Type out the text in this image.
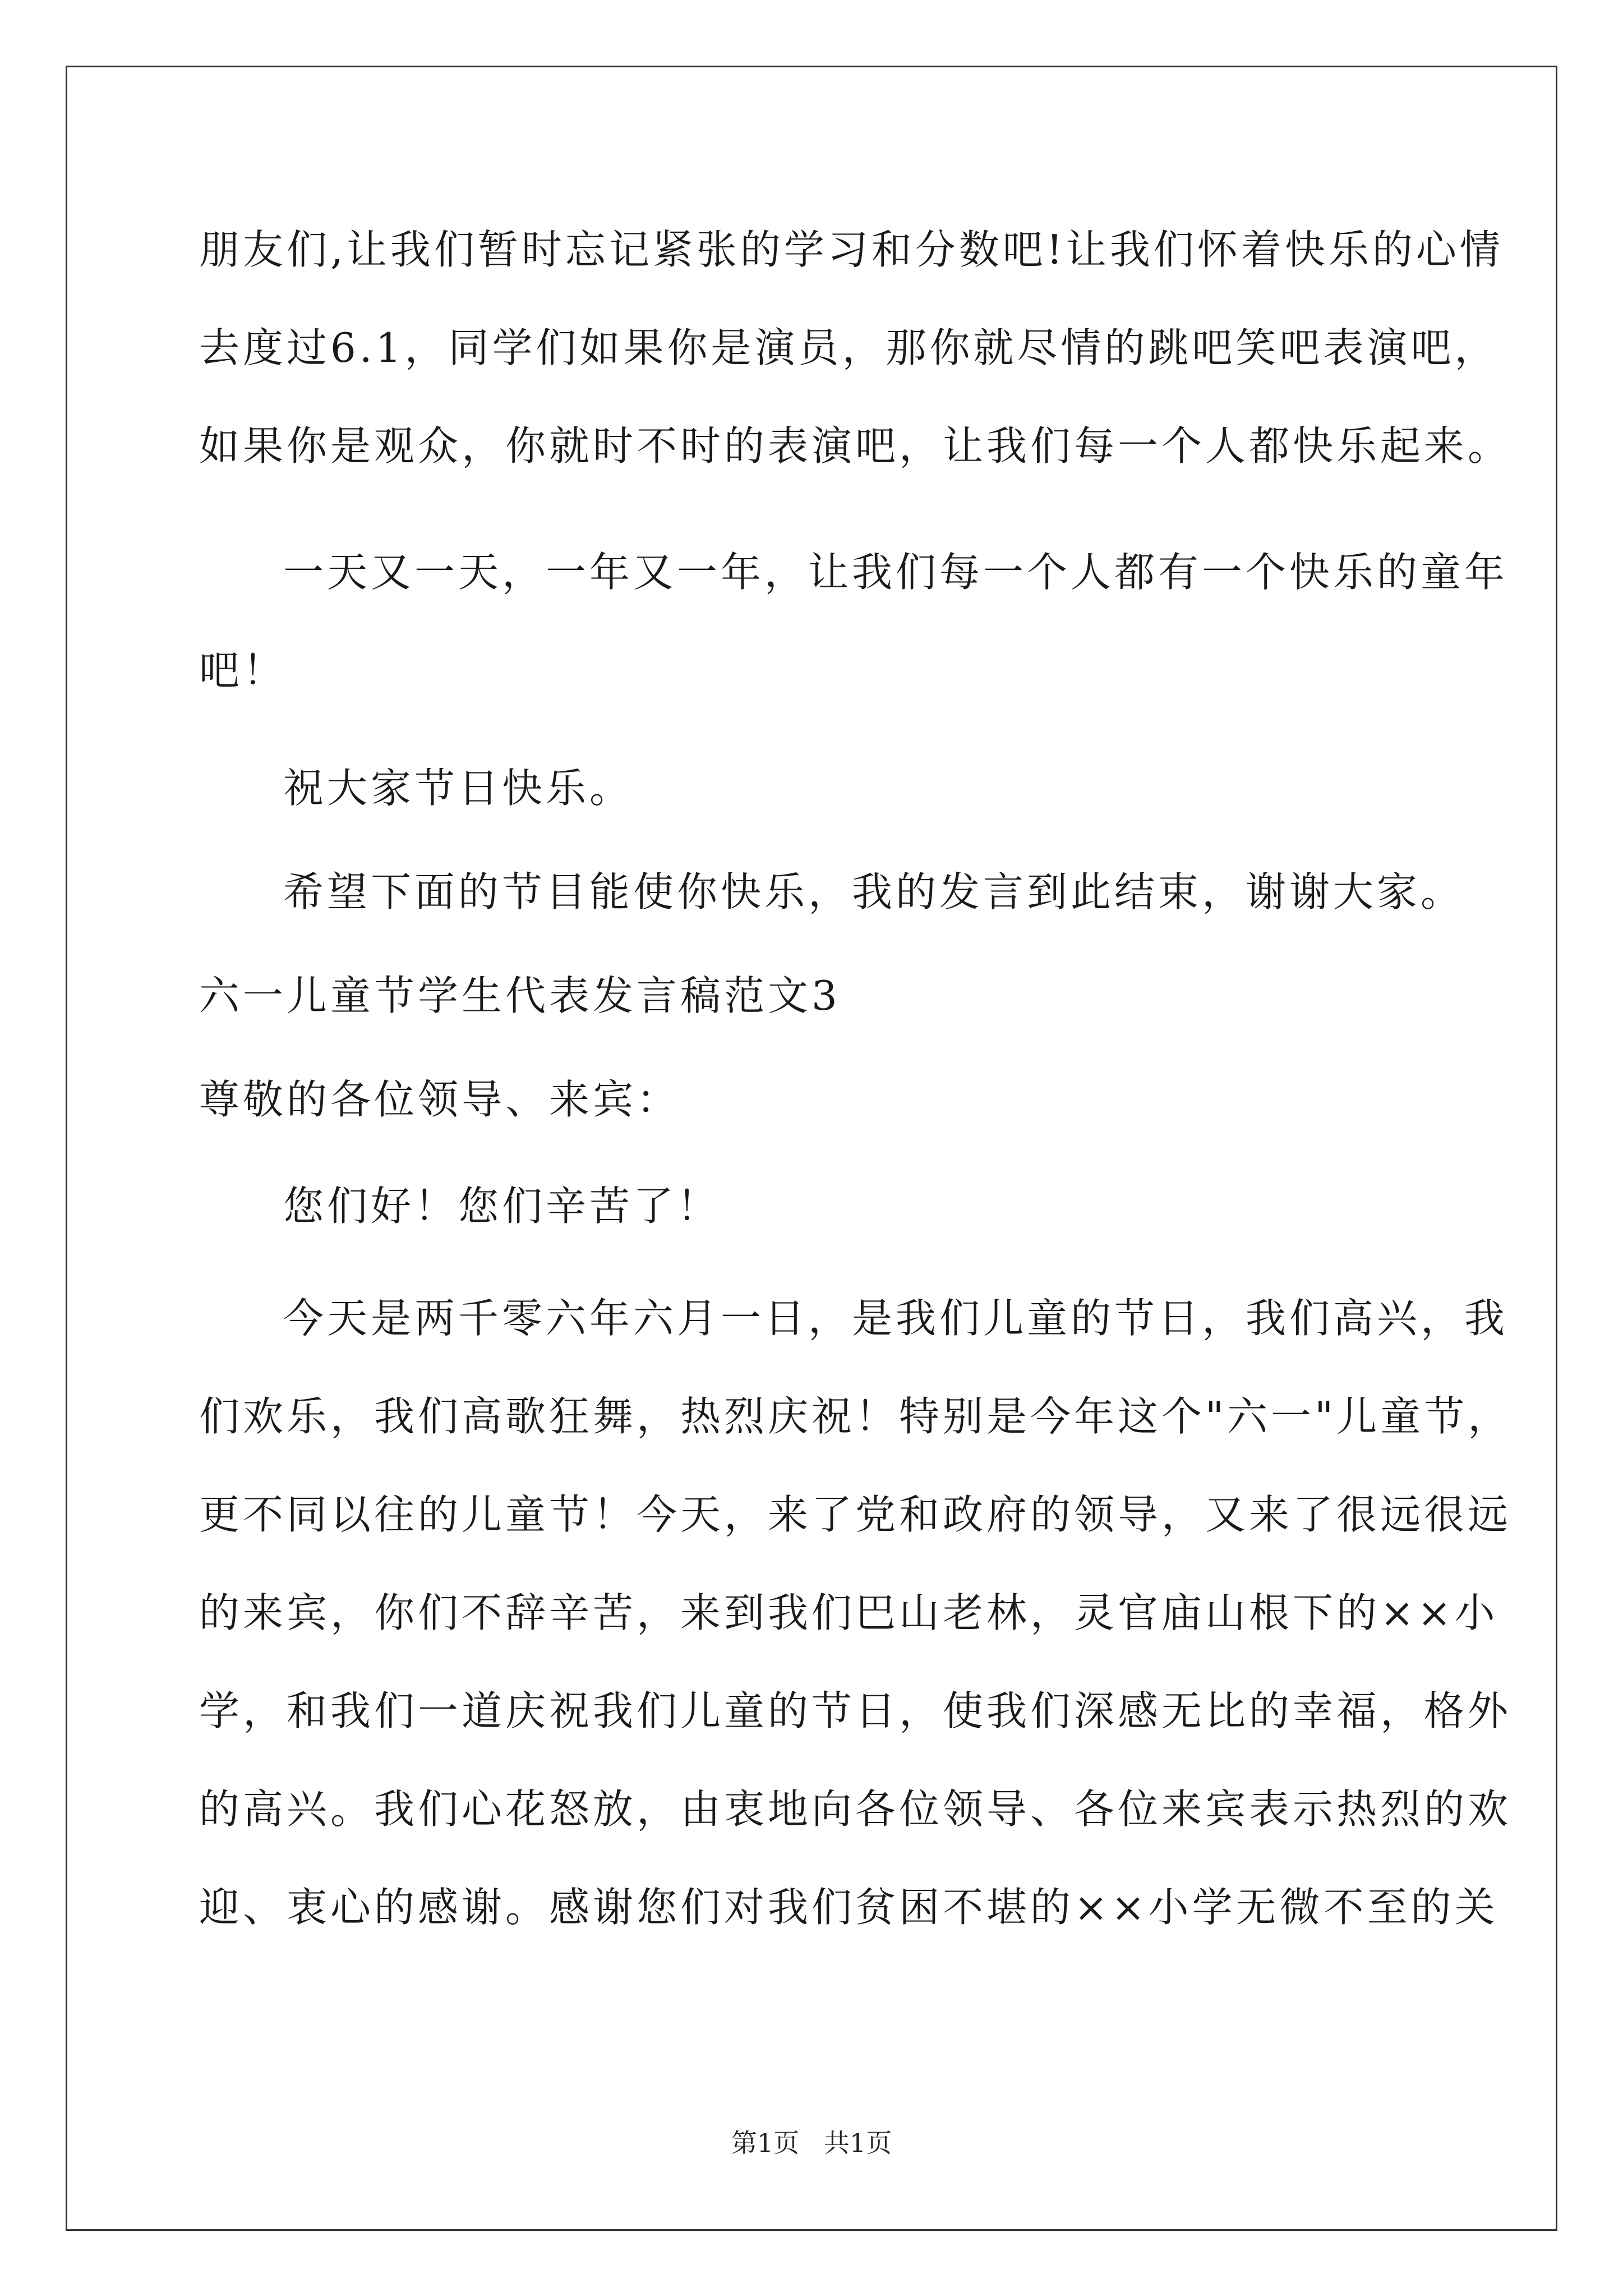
朋友们,让我们暂时忘记紧张的学习和分数吧!让我们怀着快乐的心情
去度过6.1，同学们如果你是演员，那你就尽情的跳吧笑吧表演吧，
如果你是观众，你就时不时的表演吧，让我们每一个人都快乐起来。
一天又一天，一年又一年，让我们每一个人都有一个快乐的童年
吧！
祝大家节日快乐。
希望下面的节目能使你快乐，我的发言到此结束，谢谢大家。
六一儿童节学生代表发言稿范文3
尊敬的各位领导、来宾：
您们好！您们辛苦了！
今天是两千零六年六月一日，是我们儿童的节日，我们高兴，我
们欢乐，我们高歌狂舞，热烈庆祝！特别是今年这个"六一"儿童节，
更不同以往的儿童节！今天，来了党和政府的领导，又来了很远很远
的来宾，你们不辞辛苦，来到我们巴山老林，灵官庙山根下的××小
学，和我们一道庆祝我们儿童的节日，使我们深感无比的幸福，格外
的高兴。我们心花怒放，由衷地向各位领导、各位来宾表示热烈的欢
迎、衷心的感谢。感谢您们对我们贫困不堪的××小学无微不至的关
第1页   共1页
